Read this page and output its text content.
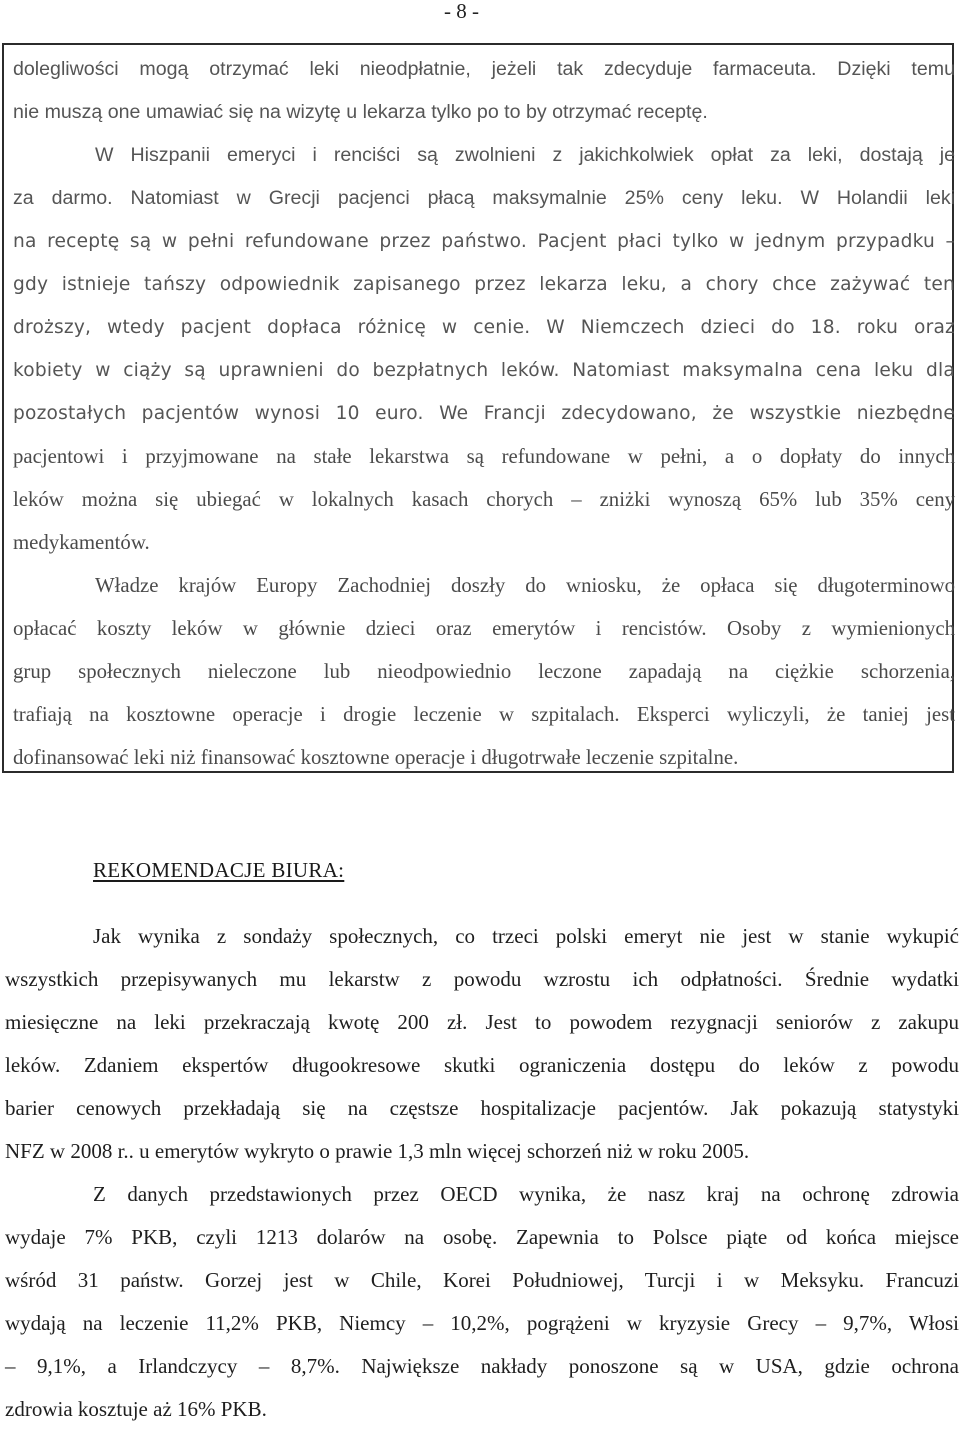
- 8 -

dolegliwości mogą otrzymać leki nieodpłatnie, jeżeli tak zdecyduje farmaceuta. Dzięki temu

nie muszą one umawiać się na wizytę u lekarza tylko po to by otrzymać receptę.

W Hiszpanii emeryci i renciści są zwolnieni z jakichkolwiek opłat za leki, dostają je

za darmo. Natomiast w Grecji pacjenci płacą maksymalnie 25% ceny leku. W Holandii leki

na receptę są w pełni refundowane przez państwo. Pacjent płaci tylko w jednym przypadku –

gdy istnieje tańszy odpowiednik zapisanego przez lekarza leku, a chory chce zażywać ten

droższy, wtedy pacjent dopłaca różnicę w cenie. W Niemczech dzieci do 18. roku oraz

kobiety w ciąży są uprawnieni do bezpłatnych leków. Natomiast maksymalna cena leku dla

pozostałych pacjentów wynosi 10 euro. We Francji zdecydowano, że wszystkie niezbędne

pacjentowi i przyjmowane na stałe lekarstwa są refundowane w pełni, a o dopłaty do innych

leków można się ubiegać w lokalnych kasach chorych – zniżki wynoszą 65% lub 35% ceny

medykamentów.

Władze krajów Europy Zachodniej doszły do wniosku, że opłaca się długoterminowo

opłacać koszty leków w głównie dzieci oraz emerytów i rencistów. Osoby z wymienionych

grup społecznych nieleczone lub nieodpowiednio leczone zapadają na ciężkie schorzenia,

trafiają na kosztowne operacje i drogie leczenie w szpitalach. Eksperci wyliczyli, że taniej jest

dofinansować leki niż finansować kosztowne operacje i długotrwałe leczenie szpitalne.

REKOMENDACJE BIURA:

Jak wynika z sondaży społecznych, co trzeci polski emeryt nie jest w stanie wykupić

wszystkich przepisywanych mu lekarstw z powodu wzrostu ich odpłatności. Średnie wydatki

miesięczne na leki przekraczają kwotę 200 zł. Jest to powodem rezygnacji seniorów z zakupu

leków. Zdaniem ekspertów długookresowe skutki ograniczenia dostępu do leków z powodu

barier cenowych przekładają się na częstsze hospitalizacje pacjentów. Jak pokazują statystyki

NFZ w 2008 r.. u emerytów wykryto o prawie 1,3 mln więcej schorzeń niż w roku 2005.

Z danych przedstawionych przez OECD wynika, że nasz kraj na ochronę zdrowia

wydaje 7% PKB, czyli 1213 dolarów na osobę. Zapewnia to Polsce piąte od końca miejsce

wśród 31 państw. Gorzej jest w Chile, Korei Południowej, Turcji i w Meksyku. Francuzi

wydają na leczenie 11,2% PKB, Niemcy – 10,2%, pogrążeni w kryzysie Grecy – 9,7%, Włosi

– 9,1%, a Irlandczycy – 8,7%. Największe nakłady ponoszone są w USA, gdzie ochrona

zdrowia kosztuje aż 16% PKB.
